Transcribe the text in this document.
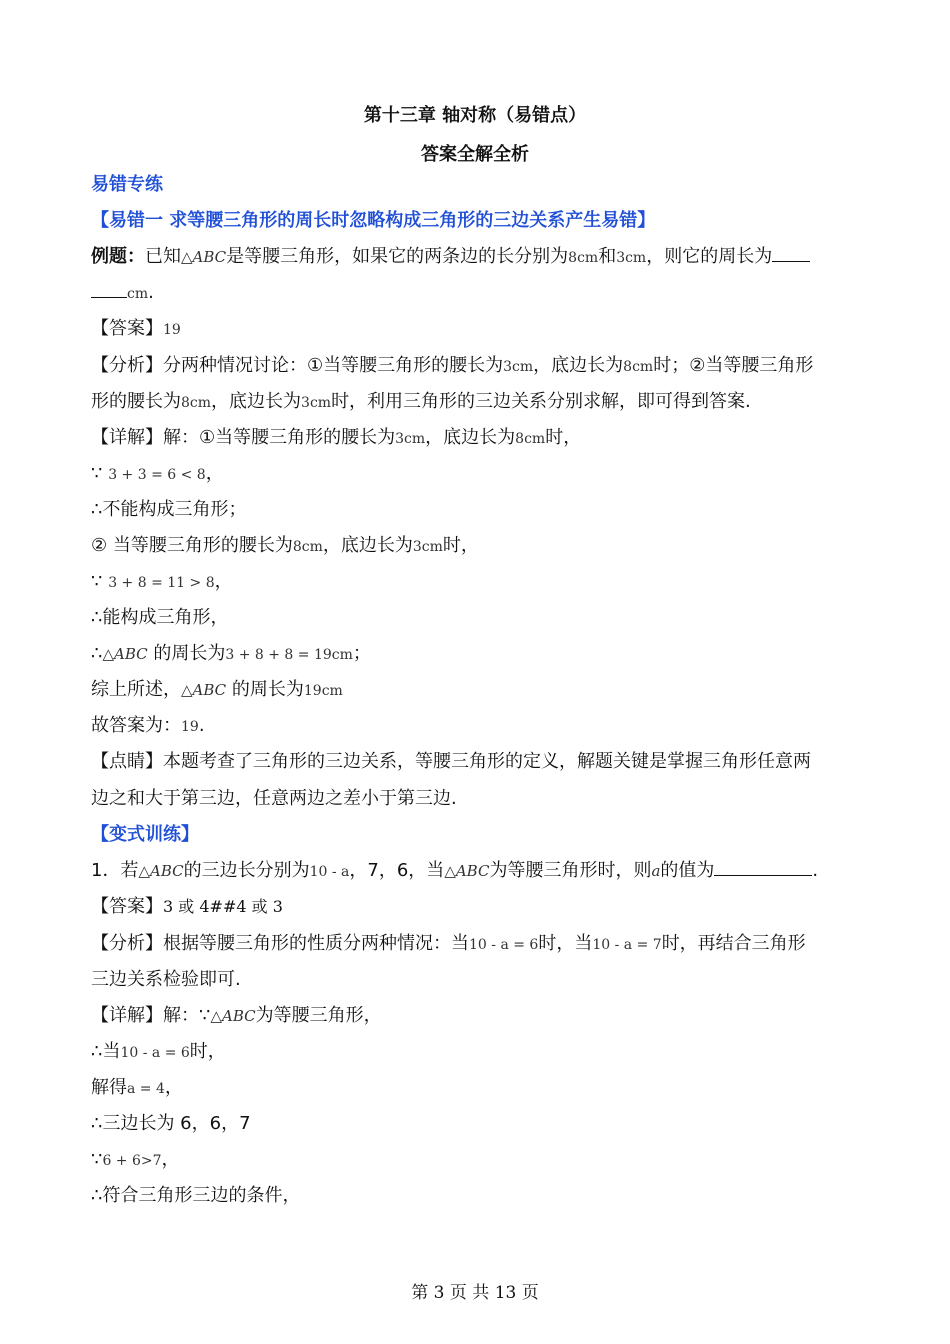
第十三章 轴对称（易错点）
答案全解全析
易错专练
【易错一 求等腰三角形的周长时忽略构成三角形的三边关系产生易错】
例题：已知△ABC是等腰三角形，如果它的两条边的长分别为8cm和3cm，则它的周长为
cm.
【答案】19
【分析】分两种情况讨论：①当等腰三角形的腰长为3cm，底边长为8cm时；②当等腰三角形
形的腰长为8cm，底边长为3cm时，利用三角形的三边关系分别求解，即可得到答案.
【详解】解：①当等腰三角形的腰长为3cm，底边长为8cm时，
∵ 3 + 3 = 6 < 8，
∴不能构成三角形；
② 当等腰三角形的腰长为8cm，底边长为3cm时，
∵ 3 + 8 = 11 > 8，
∴能构成三角形，
∴△ABC 的周长为3 + 8 + 8 = 19cm；
综上所述，△ABC 的周长为19cm
故答案为：19.
【点睛】本题考查了三角形的三边关系，等腰三角形的定义，解题关键是掌握三角形任意两
边之和大于第三边，任意两边之差小于第三边.
【变式训练】
1．若△ABC的三边长分别为10 - a，7，6，当△ABC为等腰三角形时，则a的值为	.
【答案】3 或 4##4 或 3
【分析】根据等腰三角形的性质分两种情况：当10 - a = 6时，当10 - a = 7时，再结合三角形
三边关系检验即可.
【详解】解：∵△ABC为等腰三角形，
∴当10 - a = 6时，
解得a = 4，
∴三边长为 6，6，7
∵6 + 6>7，
∴符合三角形三边的条件，
第 3 页 共 13 页
